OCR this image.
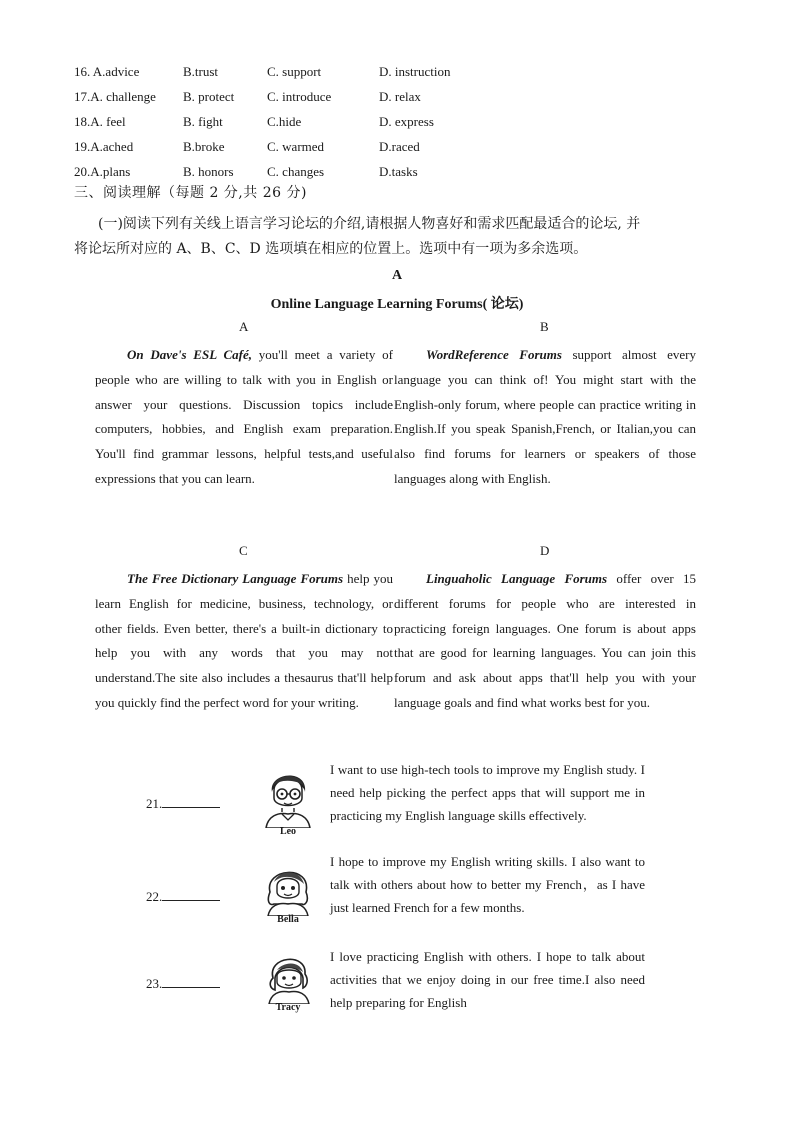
16. A.advice	B.trust	C. support	D. instruction
17.A. challenge B. protect	C. introduce	D. relax
18.A. feel	B. fight	C.hide	D. express
19.A.ached	B.broke	C. warmed	D.raced
20.A.plans	B. honors	C. changes	D.tasks
三、阅读理解（每题 2 分,共 26 分)
(一)阅读下列有关线上语言学习论坛的介绍,请根据人物喜好和需求匹配最适合的论坛, 并
将论坛所对应的 A、B、C、D 选项填在相应的位置上。选项中有一项为多余选项。
A
Online Language Learning Forums( 论坛)
A	B
C	D

On Dave's ESL Café, you'll meet a variety of people who are willing to talk with you in English or answer your questions. Discussion topics include computers, hobbies, and English exam preparation. You'll find grammar lessons, helpful tests,and useful expressions that you can learn.

WordReference Forums support almost every language you can think of! You might start with the English-only forum, where people can practice writing in English.If you speak Spanish,French, or Italian,you can also find forums for learners or speakers of those languages along with English.

The Free Dictionary Language Forums help you learn English for medicine, business, technology, or other fields. Even better, there's a built-in dictionary to help you with any words that you may not understand.The site also includes a thesaurus that'll help you quickly find the perfect word for your writing.

Linguaholic Language Forums offer over 15 different forums for people who are interested in practicing foreign languages. One forum is about apps that are good for learning languages. You can join this forum and ask about apps that'll help you with your language goals and find what works best for you.

21.
Leo
I want to use high-tech tools to improve my English study. I need help picking the perfect apps that will support me in practicing my English language skills effectively.
22.
Bella
I hope to improve my English writing skills. I also want to talk with others about how to better my French，as I have just learned French for a few months.
23.
Tracy
I love practicing English with others. I hope to talk about activities that we enjoy doing in our free time.I also need help preparing for English
